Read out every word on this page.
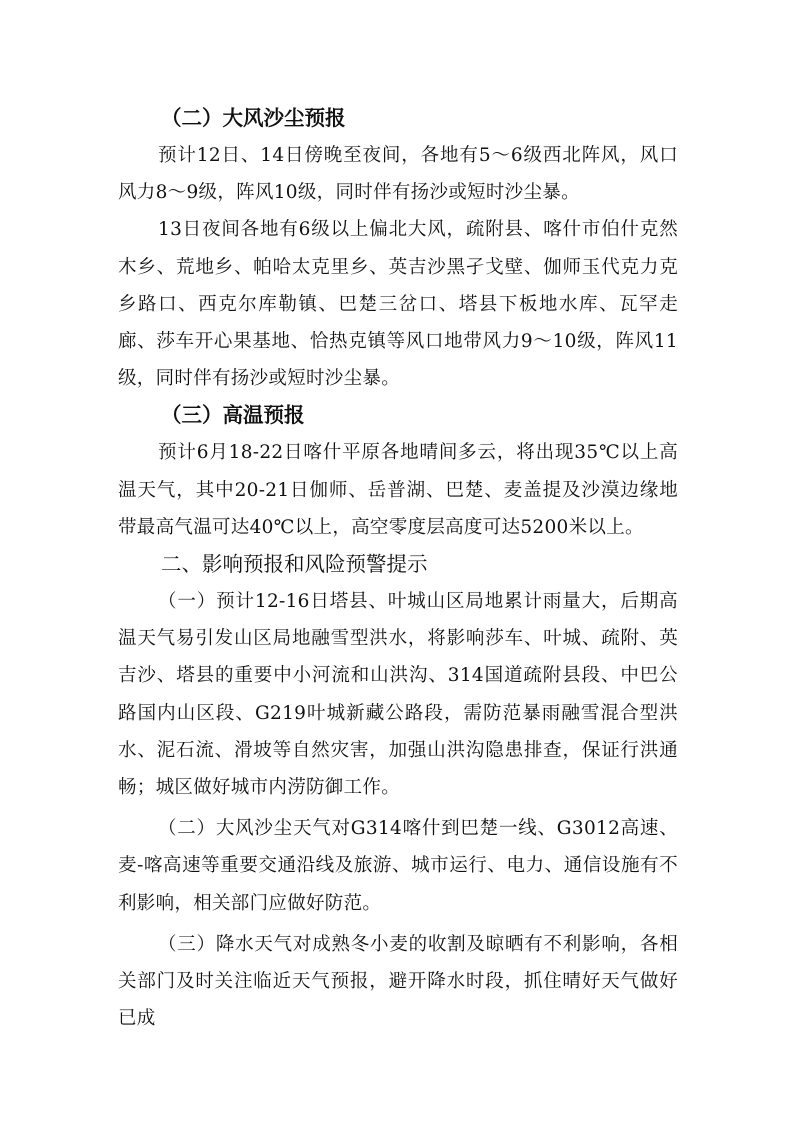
（二）大风沙尘预报

预计12日、14日傍晚至夜间，各地有5～6级西北阵风，风口风力8～9级，阵风10级，同时伴有扬沙或短时沙尘暴。

13日夜间各地有6级以上偏北大风，疏附县、喀什市伯什克然木乡、荒地乡、帕哈太克里乡、英吉沙黑孑戈壁、伽师玉代克力克乡路口、西克尔库勒镇、巴楚三岔口、塔县下板地水库、瓦罕走廊、莎车开心果基地、恰热克镇等风口地带风力9～10级，阵风11级，同时伴有扬沙或短时沙尘暴。

（三）高温预报

预计6月18-22日喀什平原各地晴间多云，将出现35℃以上高温天气，其中20-21日伽师、岳普湖、巴楚、麦盖提及沙漠边缘地带最高气温可达40℃以上，高空零度层高度可达5200米以上。

二、影响预报和风险预警提示

（一）预计12-16日塔县、叶城山区局地累计雨量大，后期高温天气易引发山区局地融雪型洪水，将影响莎车、叶城、疏附、英吉沙、塔县的重要中小河流和山洪沟、314国道疏附县段、中巴公路国内山区段、G219叶城新藏公路段，需防范暴雨融雪混合型洪水、泥石流、滑坡等自然灾害，加强山洪沟隐患排查，保证行洪通畅；城区做好城市内涝防御工作。

（二）大风沙尘天气对G314喀什到巴楚一线、G3012高速、麦-喀高速等重要交通沿线及旅游、城市运行、电力、通信设施有不利影响，相关部门应做好防范。

（三）降水天气对成熟冬小麦的收割及晾晒有不利影响，各相关部门及时关注临近天气预报，避开降水时段，抓住晴好天气做好已成
